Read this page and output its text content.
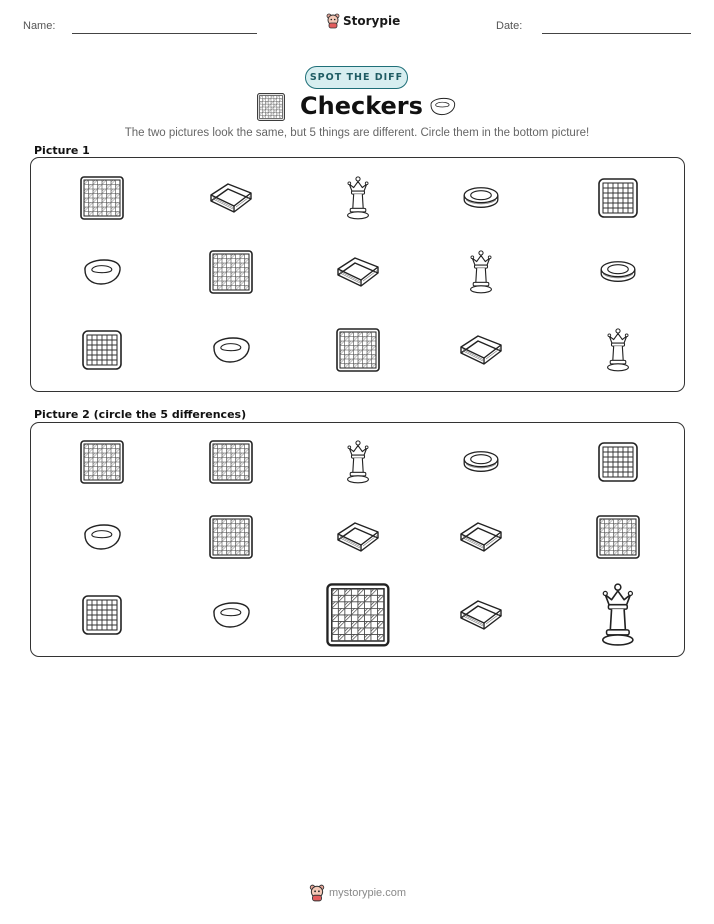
Name:	Date:
Storypie
SPOT THE DIFF
Checkers
The two pictures look the same, but 5 things are different. Circle them in the bottom picture!
Picture 1
Picture 2 (circle the 5 differences)
mystorypie.com
